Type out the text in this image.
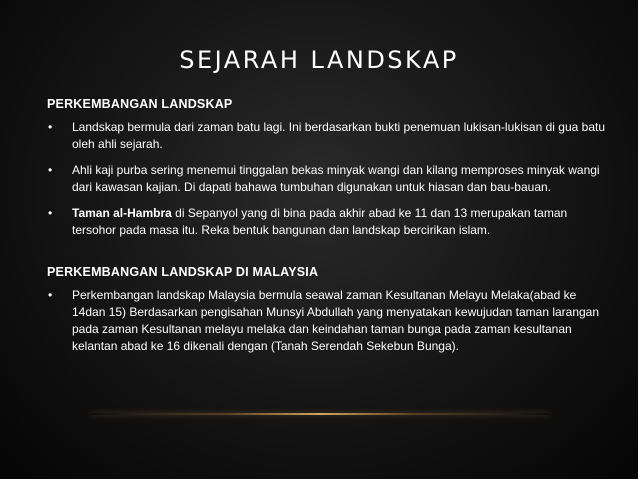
SEJARAH LANDSKAP
PERKEMBANGAN LANDSKAP
• Landskap bermula dari zaman batu lagi. Ini berdasarkan bukti penemuan lukisan-lukisan di gua batu oleh ahli sejarah.
• Ahli kaji purba sering menemui tinggalan bekas minyak wangi dan kilang memproses minyak wangi dari kawasan kajian. Di dapati bahawa tumbuhan digunakan untuk hiasan dan bau-bauan.
• Taman al-Hambra di Sepanyol yang di bina pada akhir abad ke 11 dan 13 merupakan taman tersohor pada masa itu. Reka bentuk bangunan dan landskap bercirikan islam.
PERKEMBANGAN LANDSKAP DI MALAYSIA
• Perkembangan landskap Malaysia bermula seawal zaman Kesultanan Melayu Melaka(abad ke 14dan 15) Berdasarkan pengisahan Munsyi Abdullah yang menyatakan kewujudan taman larangan pada zaman Kesultanan melayu melaka dan keindahan taman bunga pada zaman kesultanan kelantan abad ke 16 dikenali dengan (Tanah Serendah Sekebun Bunga).
